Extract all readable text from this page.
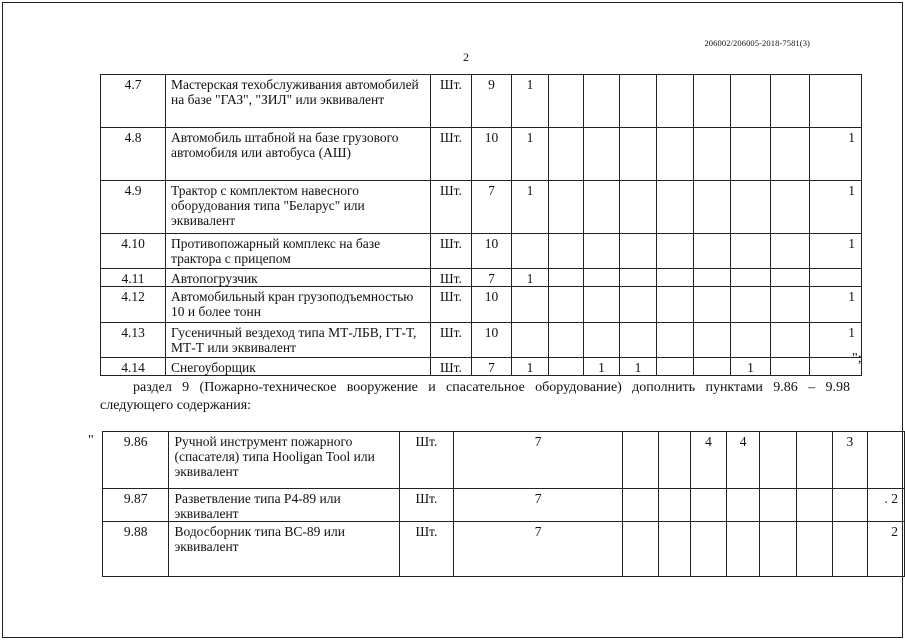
206002/206005-2018-7581(3)
2
4.7	Мастерская техобслуживания автомобилей на базе "ГАЗ", "ЗИЛ" или эквивалент	Шт.	9	1								
4.8	Автомобиль штабной на базе грузового автомобиля или автобуса (АШ)	Шт.	10	1								1
4.9	Трактор с комплектом навесного оборудования типа "Беларус" или эквивалент	Шт.	7	1								1
4.10	Противопожарный комплекс на базе трактора с прицепом	Шт.	10									1
4.11	Автопогрузчик	Шт.	7	1								
4.12	Автомобильный кран грузоподъемностью 10 и более тонн	Шт.	10									1
4.13	Гусеничный вездеход типа МТ-ЛБВ, ГТ-Т, МТ-Т или эквивалент	Шт.	10									1
4.14	Снегоуборщик	Шт.	7	1		1	1			1		
";
раздел 9 (Пожарно-техническое вооружение и спасательное оборудование) дополнить пунктами 9.86 – 9.98 следующего содержания:
" 9.86	Ручной инструмент пожарного (спасателя) типа Hooligan Tool или эквивалент	Шт.	7			4	4			3	
9.87	Разветвление типа Р4-89 или эквивалент	Шт.	7								. 2
9.88	Водосборник типа ВС-89 или эквивалент	Шт.	7								2
